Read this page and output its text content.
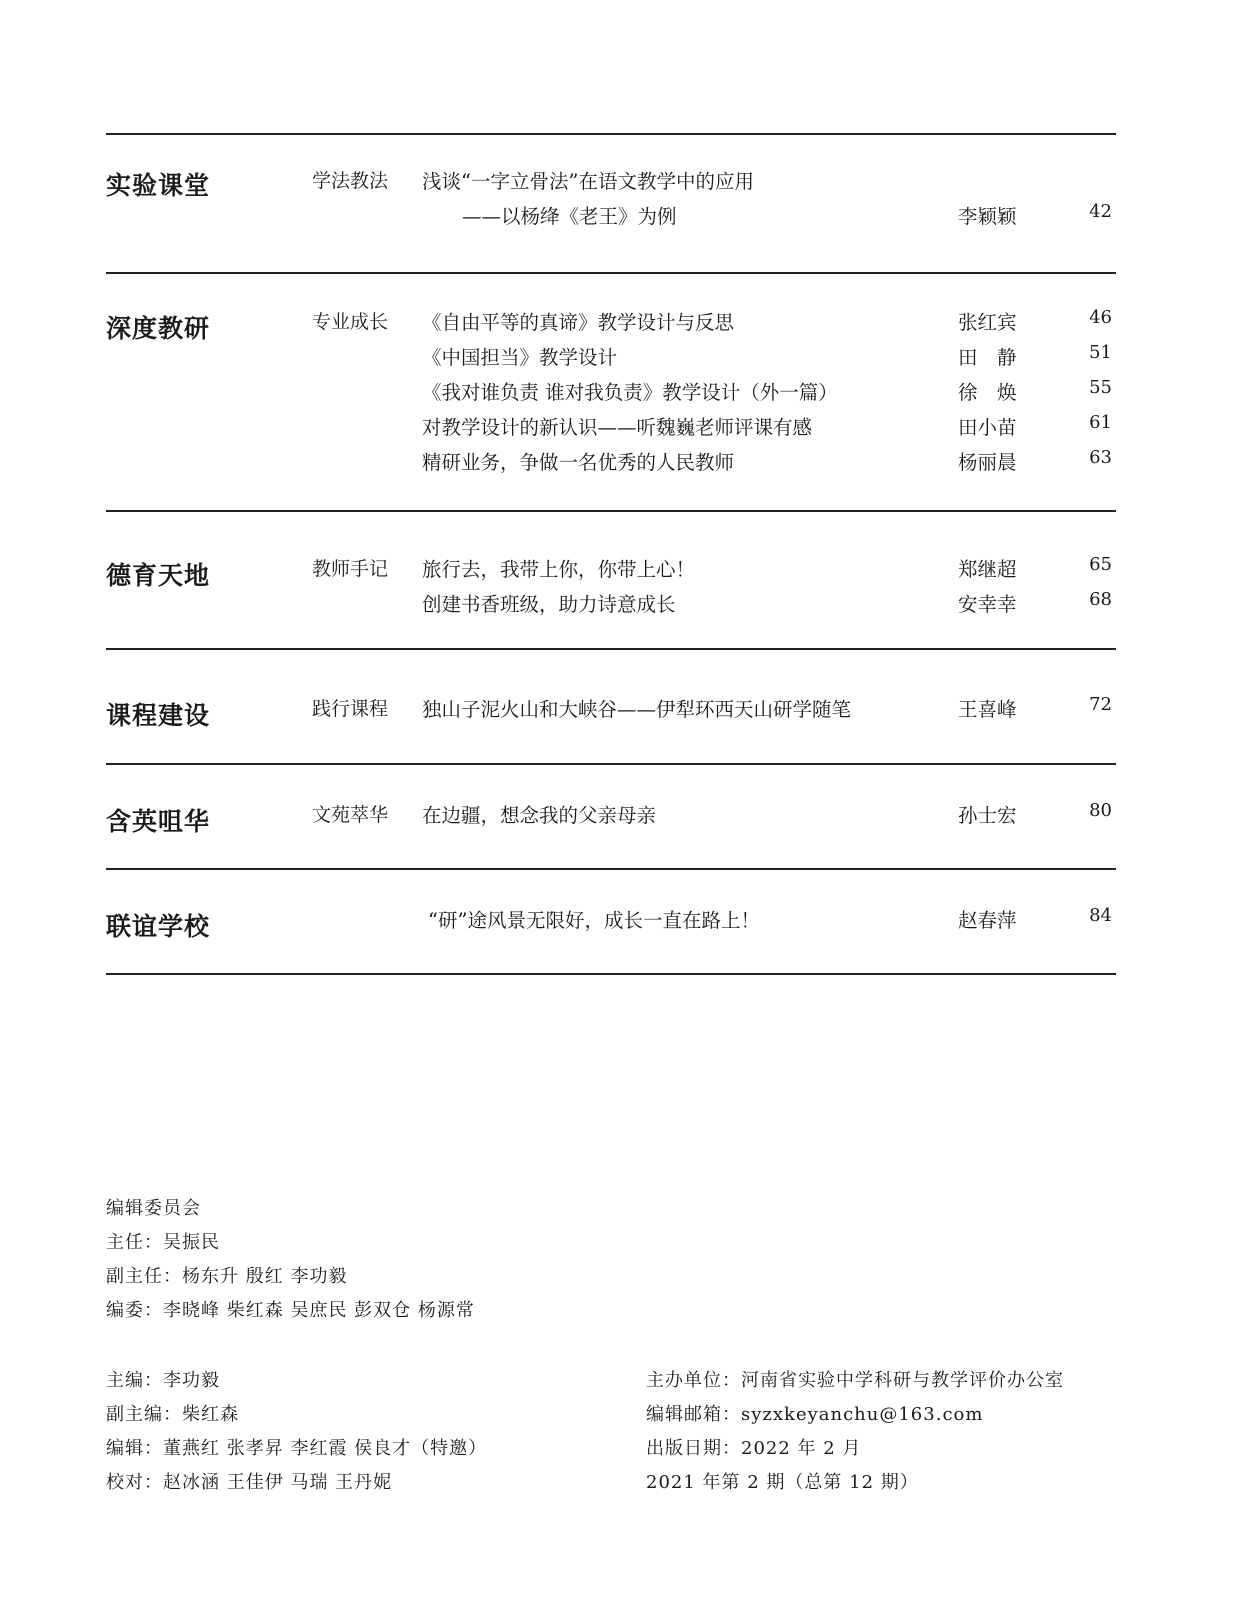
实验课堂	学法教法 浅谈“一字立骨法”在语文教学中的应用
——以杨绛《老王》为例	李颖颖	42
深度教研	专业成长 《自由平等的真谛》教学设计与反思	张红宾	46
《中国担当》教学设计	田　静	51
《我对谁负责 谁对我负责》教学设计（外一篇）	徐　焕	55
对教学设计的新认识——听魏巍老师评课有感	田小苗	61
精研业务，争做一名优秀的人民教师	杨丽晨	63
德育天地	教师手记 旅行去，我带上你，你带上心！	郑继超	65
创建书香班级，助力诗意成长	安幸幸	68
课程建设	践行课程 独山子泥火山和大峡谷——伊犁环西天山研学随笔	王喜峰	72
含英咀华	文苑萃华 在边疆，想念我的父亲母亲	孙士宏	80
联谊学校	“研”途风景无限好，成长一直在路上！	赵春萍	84
编辑委员会
主任：吴振民
副主任：杨东升 殷红 李功毅
编委：李晓峰 柴红森 吴庶民 彭双仓 杨源常
主编：李功毅
副主编：柴红森
编辑：董燕红 张孝昇 李红霞 侯良才（特邀）
校对：赵冰涵 王佳伊 马瑞 王丹妮
主办单位：河南省实验中学科研与教学评价办公室
编辑邮箱：syzxkeyanchu@163.com
出版日期：2022 年 2 月
2021 年第 2 期（总第 12 期）
